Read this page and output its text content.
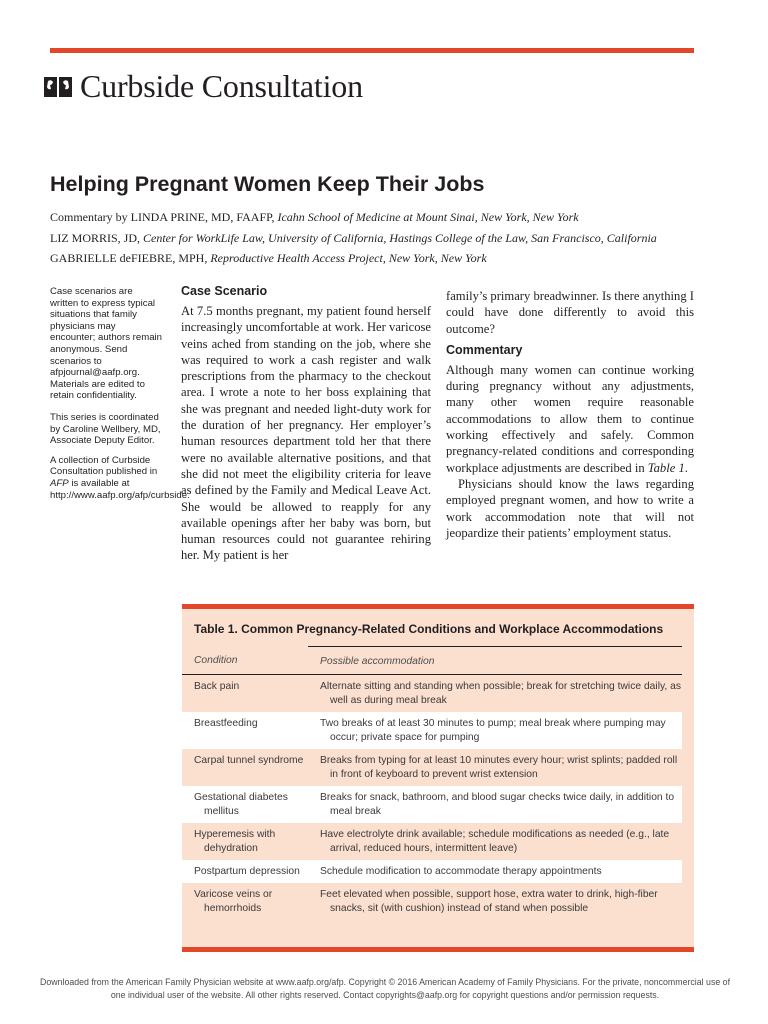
Curbside Consultation
Helping Pregnant Women Keep Their Jobs
Commentary by LINDA PRINE, MD, FAAFP, Icahn School of Medicine at Mount Sinai, New York, New York
LIZ MORRIS, JD, Center for WorkLife Law, University of California, Hastings College of the Law, San Francisco, California
GABRIELLE deFIEBRE, MPH, Reproductive Health Access Project, New York, New York

Case scenarios are written to express typical situations that family physicians may encounter; authors remain anonymous. Send scenarios to afpjournal@aafp.org. Materials are edited to retain confidentiality.

This series is coordinated by Caroline Wellbery, MD, Associate Deputy Editor.

A collection of Curbside Consultation published in AFP is available at http://www.aafp.org/afp/curbside.

Case Scenario

At 7.5 months pregnant, my patient found herself increasingly uncomfortable at work. Her varicose veins ached from standing on the job, where she was required to work a cash register and walk prescriptions from the pharmacy to the checkout area. I wrote a note to her boss explaining that she was pregnant and needed light-duty work for the duration of her pregnancy. Her employer’s human resources department told her that there were no available alternative positions, and that she did not meet the eligibility criteria for leave as defined by the Family and Medical Leave Act. She would be allowed to reapply for any available openings after her baby was born, but human resources could not guarantee rehiring her. My patient is her

family’s primary breadwinner. Is there anything I could have done differently to avoid this outcome?

Commentary

Although many women can continue working during pregnancy without any adjustments, many other women require reasonable accommodations to allow them to continue working effectively and safely. Common pregnancy-related conditions and corresponding workplace adjustments are described in Table 1.

Physicians should know the laws regarding employed pregnant women, and how to write a work accommodation note that will not jeopardize their patients’ employment status.

Table 1. Common Pregnancy-Related Conditions and Workplace Accommodations
Condition	Possible accommodation

Back pain	Alternate sitting and standing when possible; break for stretching twice daily, as well as during meal break

Breastfeeding	Two breaks of at least 30 minutes to pump; meal break where pumping may occur; private space for pumping

Carpal tunnel syndrome	Breaks from typing for at least 10 minutes every hour; wrist splints; padded roll in front of keyboard to prevent wrist extension

Gestational diabetes mellitus	Breaks for snack, bathroom, and blood sugar checks twice daily, in addition to meal break

Hyperemesis with dehydration	Have electrolyte drink available; schedule modifications as needed (e.g., late arrival, reduced hours, intermittent leave)

Postpartum depression	Schedule modification to accommodate therapy appointments

Varicose veins or hemorrhoids	Feet elevated when possible, support hose, extra water to drink, high-fiber snacks, sit (with cushion) instead of stand when possible
Downloaded from the American Family Physician website at www.aafp.org/afp. Copyright © 2016 American Academy of Family Physicians. For the private, noncommercial use of one individual user of the website. All other rights reserved. Contact copyrights@aafp.org for copyright questions and/or permission requests.
